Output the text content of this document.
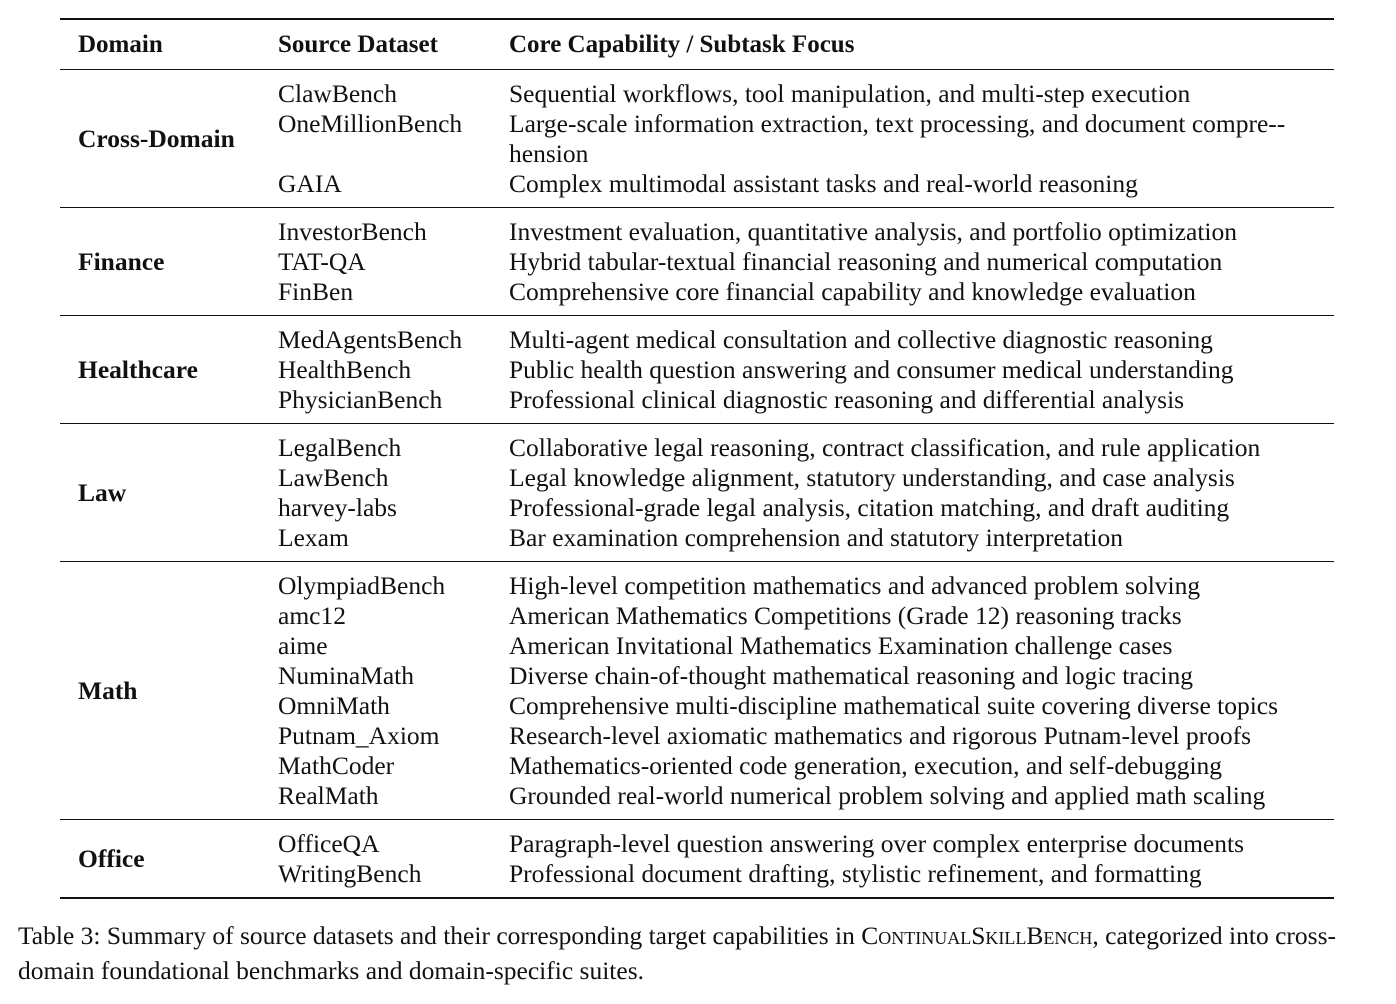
Domain	Source Dataset	Core Capability / Subtask Focus
Cross-Domain
ClawBench	Sequential workflows, tool manipulation, and multi-step execution
OneMillionBench	Large-scale information extraction, text processing, and document compre-hension
GAIA	Complex multimodal assistant tasks and real-world reasoning
Finance
InvestorBench	Investment evaluation, quantitative analysis, and portfolio optimization
TAT-QA	Hybrid tabular-textual financial reasoning and numerical computation
FinBen	Comprehensive core financial capability and knowledge evaluation
Healthcare
MedAgentsBench	Multi-agent medical consultation and collective diagnostic reasoning
HealthBench	Public health question answering and consumer medical understanding
PhysicianBench	Professional clinical diagnostic reasoning and differential analysis
Law
LegalBench	Collaborative legal reasoning, contract classification, and rule application
LawBench	Legal knowledge alignment, statutory understanding, and case analysis
harvey-labs	Professional-grade legal analysis, citation matching, and draft auditing
Lexam	Bar examination comprehension and statutory interpretation
Math
OlympiadBench	High-level competition mathematics and advanced problem solving
amc12	American Mathematics Competitions (Grade 12) reasoning tracks
aime	American Invitational Mathematics Examination challenge cases
NuminaMath	Diverse chain-of-thought mathematical reasoning and logic tracing
OmniMath	Comprehensive multi-discipline mathematical suite covering diverse topics
Putnam_Axiom	Research-level axiomatic mathematics and rigorous Putnam-level proofs
MathCoder	Mathematics-oriented code generation, execution, and self-debugging
RealMath	Grounded real-world numerical problem solving and applied math scaling
Office
OfficeQA	Paragraph-level question answering over complex enterprise documents
WritingBench	Professional document drafting, stylistic refinement, and formatting
Table 3: Summary of source datasets and their corresponding target capabilities in ContinualSkillBench, categorized into cross-domain foundational benchmarks and domain-specific suites.
